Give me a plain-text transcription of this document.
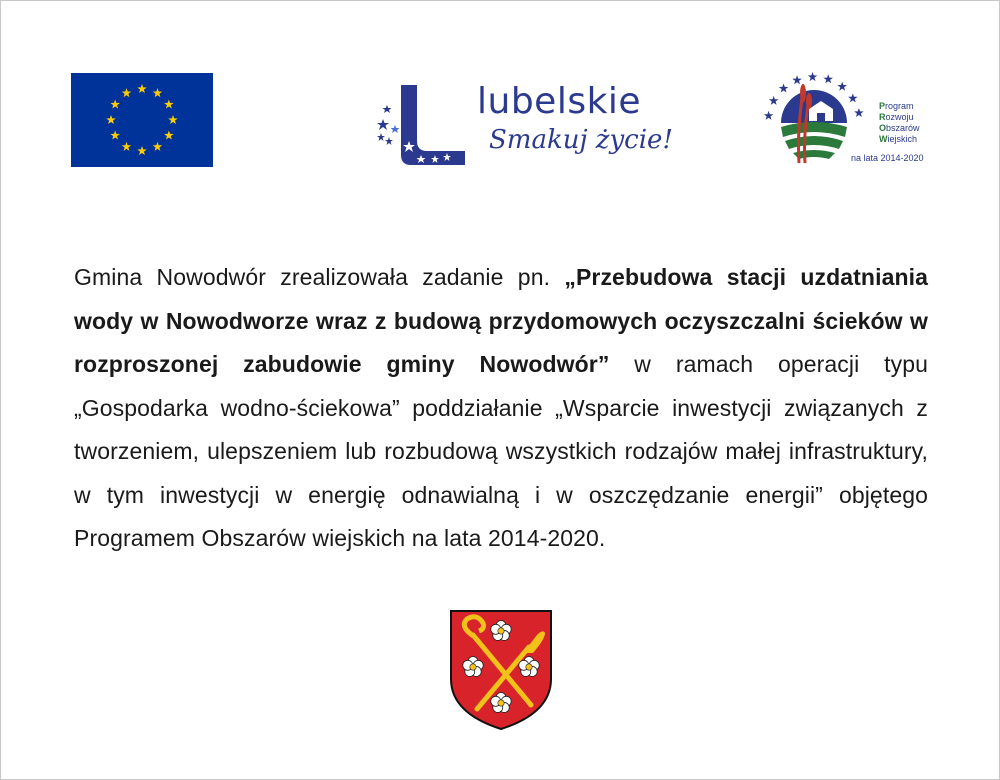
lubelskie
Smakuj życie!
Program
Rozwoju
Obszarów
Wiejskich
na lata 2014-2020

Gmina Nowodwór zrealizowała zadanie pn. „Przebudowa stacji uzdatniania wody w Nowodworze wraz z budową przydomowych oczyszczalni ścieków w rozproszonej zabudowie gminy Nowodwór” w ramach operacji typu „Gospodarka wodno-ściekowa” poddziałanie „Wsparcie inwestycji związanych z tworzeniem, ulepszeniem lub rozbudową wszystkich rodzajów małej infrastruktury, w tym inwestycji w energię odnawialną i w oszczędzanie energii” objętego Programem Obszarów wiejskich na lata 2014-2020.
